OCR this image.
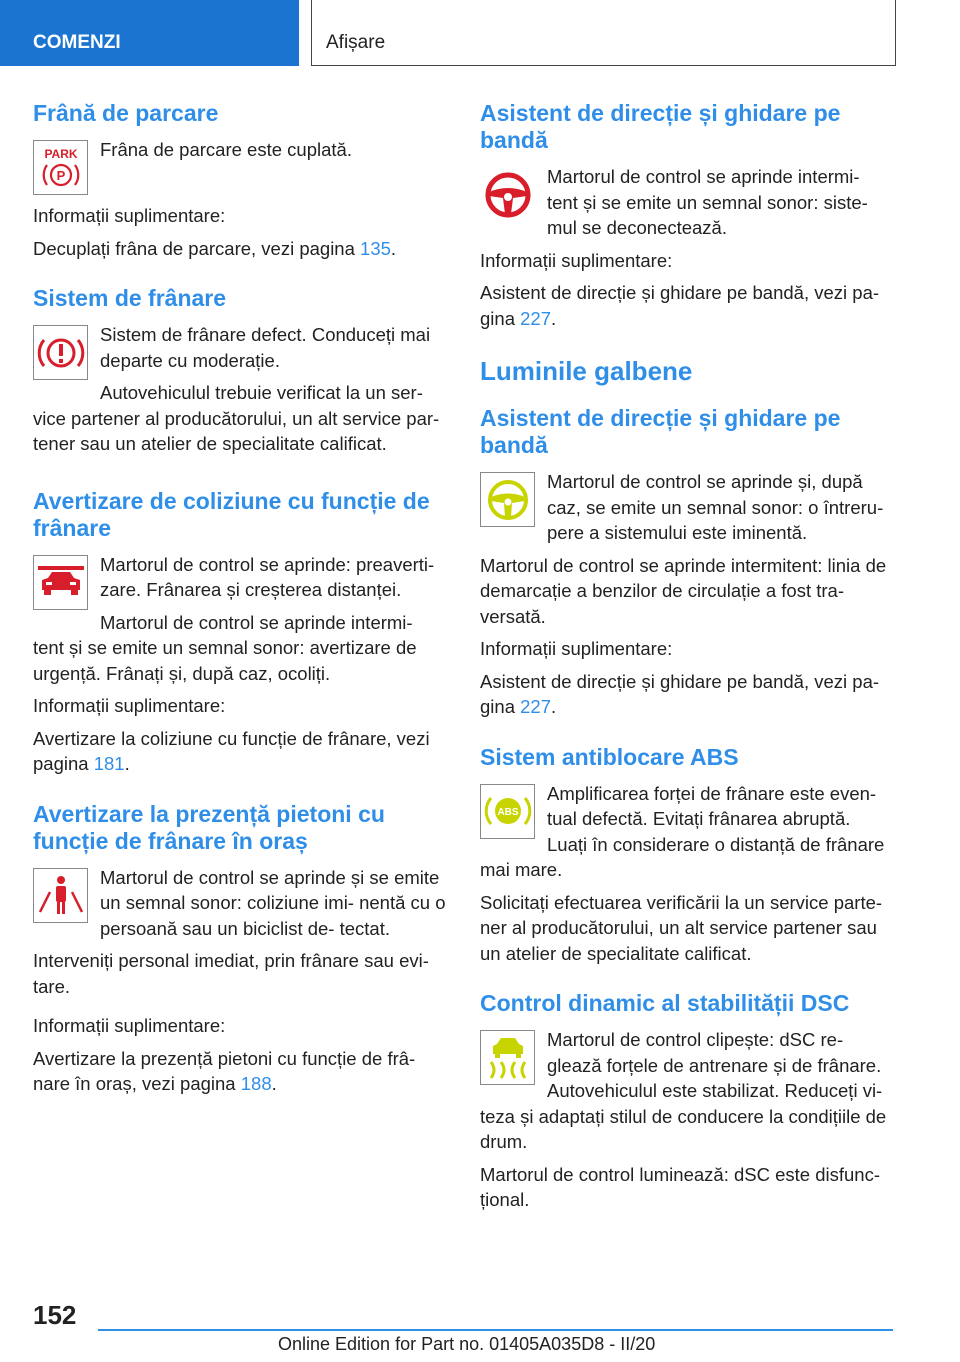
COMENZI	Afișare
Frână de parcare
PARK
P

Frâna de parcare este cuplată.

Informații suplimentare:

Decuplați frâna de parcare, vezi pagina 135.

Sistem de frânare

Sistem de frânare defect. Conduceți mai departe cu moderație.

Autovehiculul trebuie verificat la un ser- vice partener al producătorului, un alt service par- tener sau un atelier de specialitate calificat.

Avertizare de coliziune cu funcție de frânare

Martorul de control se aprinde: preaverti- zare. Frânarea și creșterea distanței.

Martorul de control se aprinde intermi- tent și se emite un semnal sonor: avertizare de urgență. Frânați și, după caz, ocoliți.

Informații suplimentare:

Avertizare la coliziune cu funcție de frânare, vezi pagina 181.

Avertizare la prezență pietoni cu funcție de frânare în oraș

Martorul de control se aprinde și se emite un semnal sonor: coliziune imi- nentă cu o persoană sau un biciclist de- tectat.

Interveniți personal imediat, prin frânare sau evi- tare.

Informații suplimentare:

Avertizare la prezență pietoni cu funcție de frâ- nare în oraș, vezi pagina 188.

Asistent de direcție și ghidare pe bandă

Martorul de control se aprinde intermi- tent și se emite un semnal sonor: siste- mul se deconectează.

Informații suplimentare:

Asistent de direcție și ghidare pe bandă, vezi pa- gina 227.

Luminile galbene
Asistent de direcție și ghidare pe bandă

Martorul de control se aprinde și, după caz, se emite un semnal sonor: o întreru- pere a sistemului este iminentă.

Martorul de control se aprinde intermitent: linia de demarcație a benzilor de circulație a fost tra- versată.

Informații suplimentare:

Asistent de direcție și ghidare pe bandă, vezi pa- gina 227.

Sistem antiblocare ABS
ABS

Amplificarea forței de frânare este even- tual defectă. Evitați frânarea abruptă. Luați în considerare o distanță de frânare mai mare.

Solicitați efectuarea verificării la un service parte- ner al producătorului, un alt service partener sau un atelier de specialitate calificat.

Control dinamic al stabilității DSC

Martorul de control clipește: dSC re- glează forțele de antrenare și de frânare. Autovehiculul este stabilizat. Reduceți vi- teza și adaptați stilul de conducere la condițiile de drum.

Martorul de control luminează: dSC este disfunc- țional.

152
Online Edition for Part no. 01405A035D8 - II/20
